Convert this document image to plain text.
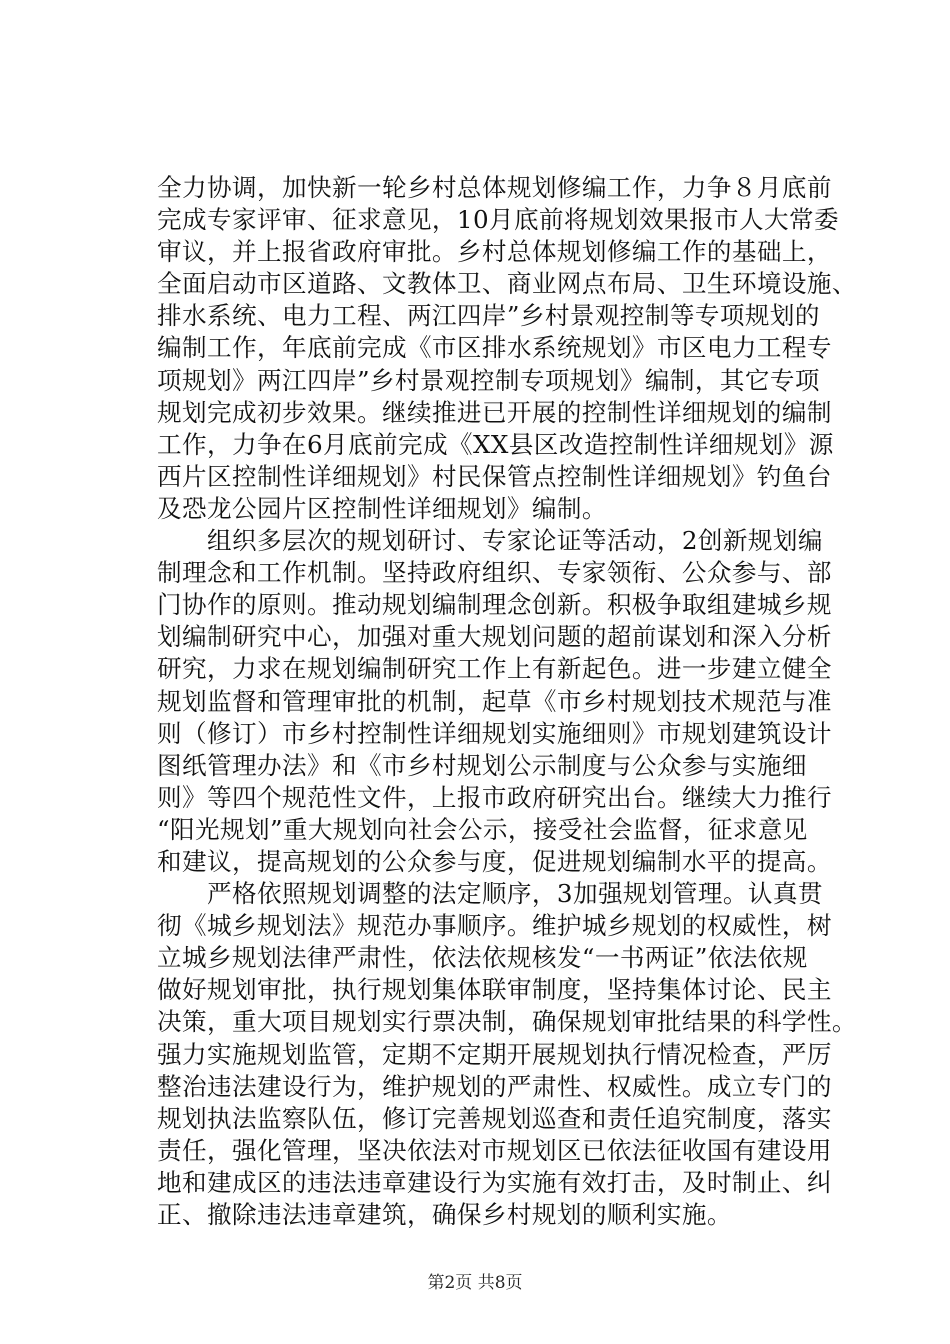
全力协调，加快新一轮乡村总体规划修编工作，力争８月底前
完成专家评审、征求意见，10月底前将规划效果报市人大常委
审议，并上报省政府审批。乡村总体规划修编工作的基础上，
全面启动市区道路、文教体卫、商业网点布局、卫生环境设施、
排水系统、电力工程、两江四岸”乡村景观控制等专项规划的
编制工作，年底前完成《市区排水系统规划》市区电力工程专
项规划》两江四岸”乡村景观控制专项规划》编制，其它专项
规划完成初步效果。继续推进已开展的控制性详细规划的编制
工作，力争在6月底前完成《XX县区改造控制性详细规划》源
西片区控制性详细规划》村民保管点控制性详细规划》钓鱼台
及恐龙公园片区控制性详细规划》编制。
　　组织多层次的规划研讨、专家论证等活动，2创新规划编
制理念和工作机制。坚持政府组织、专家领衔、公众参与、部
门协作的原则。推动规划编制理念创新。积极争取组建城乡规
划编制研究中心，加强对重大规划问题的超前谋划和深入分析
研究，力求在规划编制研究工作上有新起色。进一步建立健全
规划监督和管理审批的机制，起草《市乡村规划技术规范与准
则（修订）市乡村控制性详细规划实施细则》市规划建筑设计
图纸管理办法》和《市乡村规划公示制度与公众参与实施细
则》等四个规范性文件，上报市政府研究出台。继续大力推行
“阳光规划”重大规划向社会公示，接受社会监督，征求意见
和建议，提高规划的公众参与度，促进规划编制水平的提高。
　　严格依照规划调整的法定顺序，3加强规划管理。认真贯
彻《城乡规划法》规范办事顺序。维护城乡规划的权威性，树
立城乡规划法律严肃性，依法依规核发“一书两证”依法依规
做好规划审批，执行规划集体联审制度，坚持集体讨论、民主
决策，重大项目规划实行票决制，确保规划审批结果的科学性。
强力实施规划监管，定期不定期开展规划执行情况检查，严厉
整治违法建设行为，维护规划的严肃性、权威性。成立专门的
规划执法监察队伍，修订完善规划巡查和责任追究制度，落实
责任，强化管理，坚决依法对市规划区已依法征收国有建设用
地和建成区的违法违章建设行为实施有效打击，及时制止、纠
正、撤除违法违章建筑，确保乡村规划的顺利实施。
第2页 共8页
